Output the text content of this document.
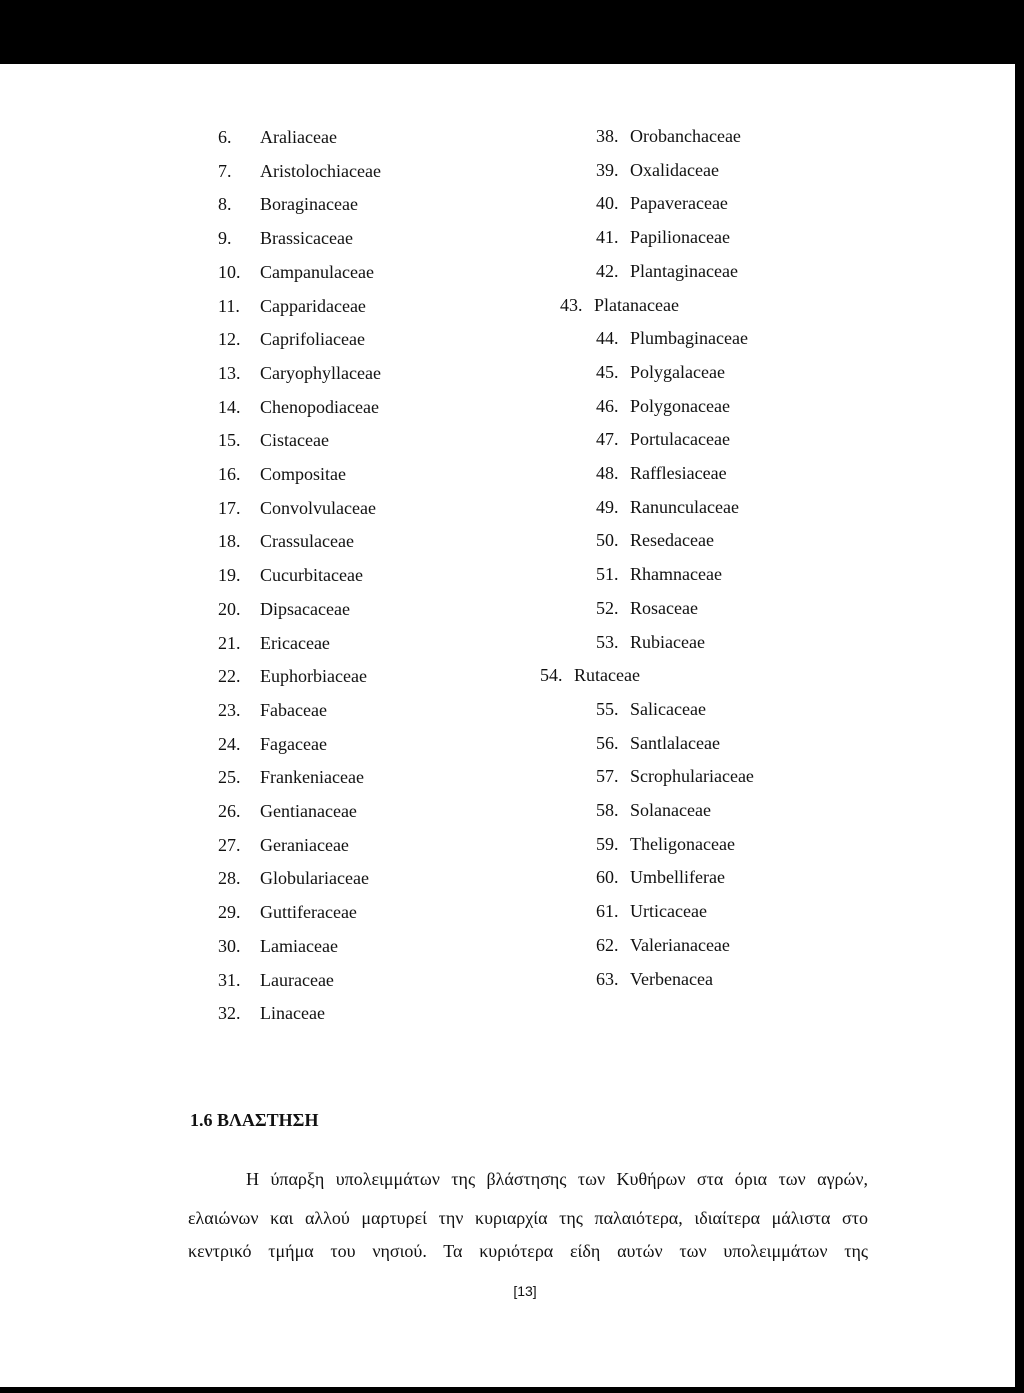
6. Araliaceae
7. Aristolochiaceae
8. Boraginaceae
9. Brassicaceae
10. Campanulaceae
11. Capparidaceae
12. Caprifoliaceae
13. Caryophyllaceae
14. Chenopodiaceae
15. Cistaceae
16. Compositae
17. Convolvulaceae
18. Crassulaceae
19. Cucurbitaceae
20. Dipsacaceae
21. Ericaceae
22. Euphorbiaceae
23. Fabaceae
24. Fagaceae
25. Frankeniaceae
26. Gentianaceae
27. Geraniaceae
28. Globulariaceae
29. Guttiferaceae
30. Lamiaceae
31. Lauraceae
32. Linaceae
38. Orobanchaceae
39. Oxalidaceae
40. Papaveraceae
41. Papilionaceae
42. Plantaginaceae
43. Platanaceae
44. Plumbaginaceae
45. Polygalaceae
46. Polygonaceae
47. Portulacaceae
48. Rafflesiaceae
49. Ranunculaceae
50. Resedaceae
51. Rhamnaceae
52. Rosaceae
53. Rubiaceae
54. Rutaceae
55. Salicaceae
56. Santlalaceae
57. Scrophulariaceae
58. Solanaceae
59. Theligonaceae
60. Umbelliferae
61. Urticaceae
62. Valerianaceae
63. Verbenacea
1.6 ΒΛΑΣΤΗΣΗ
Η ύπαρξη υπολειμμάτων της βλάστησης των Κυθήρων στα όρια των αγρών,
ελαιώνων και αλλού μαρτυρεί την κυριαρχία της παλαιότερα, ιδιαίτερα μάλιστα στο
κεντρικό τμήμα του νησιού. Τα κυριότερα είδη αυτών των υπολειμμάτων της
[13]
